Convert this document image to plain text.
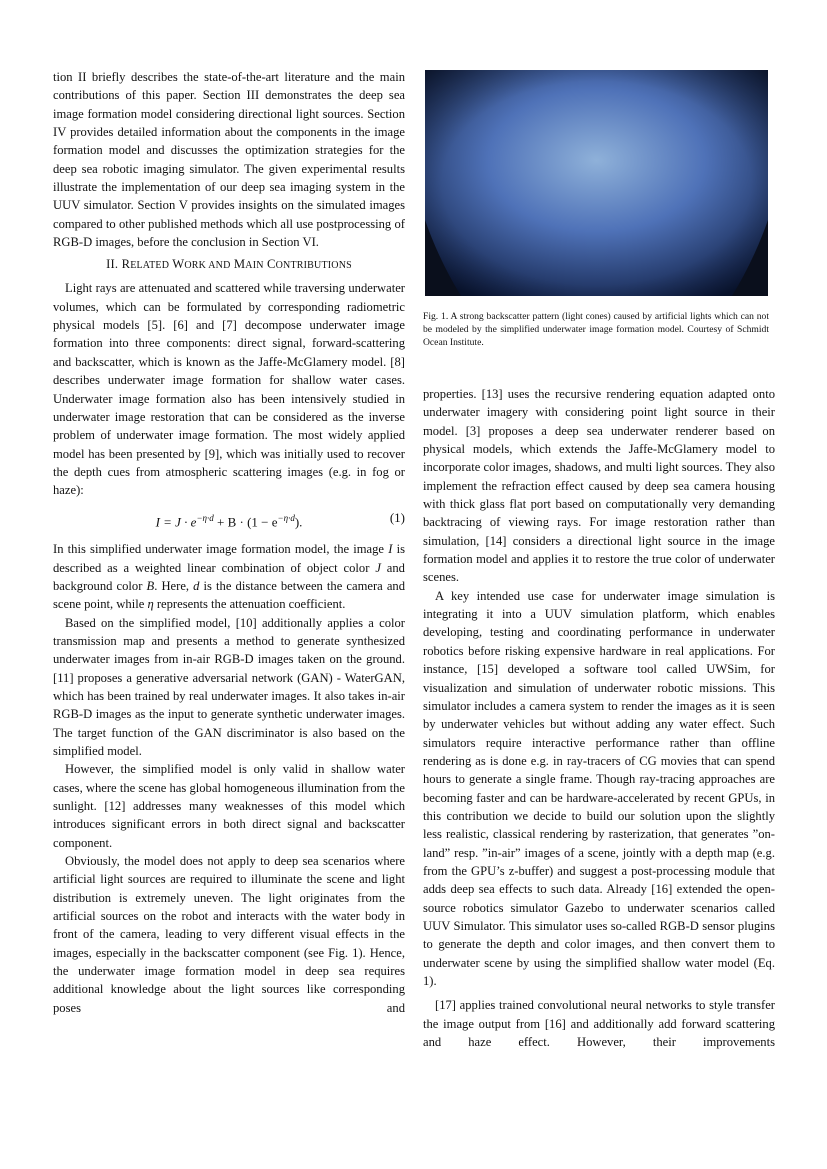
tion II briefly describes the state-of-the-art literature and the main contributions of this paper. Section III demonstrates the deep sea image formation model considering directional light sources. Section IV provides detailed information about the components in the image formation model and discusses the optimization strategies for the deep sea robotic imaging simulator. The given experimental results illustrate the implementation of our deep sea imaging system in the UUV simulator. Section V provides insights on the simulated images compared to other published methods which all use postprocessing of RGB-D images, before the conclusion in Section VI.

II. RELATED WORK AND MAIN CONTRIBUTIONS

Light rays are attenuated and scattered while traversing underwater volumes, which can be formulated by corresponding radiometric physical models [5]. [6] and [7] decompose underwater image formation into three components: direct signal, forward-scattering and backscatter, which is known as the Jaffe-McGlamery model. [8] describes underwater image formation for shallow water cases. Underwater image formation also has been intensively studied in underwater image restoration that can be considered as the inverse problem of underwater image formation. The most widely applied model has been presented by [9], which was initially used to recover the depth cues from atmospheric scattering images (e.g. in fog or haze):

$I = J \cdot e^{-\eta\cdot d} + B \cdot (1 - e^{-\eta\cdot d})$.	(1)

In this simplified underwater image formation model, the image I is described as a weighted linear combination of object color J and background color B. Here, d is the distance between the camera and scene point, while η represents the attenuation coefficient.

Based on the simplified model, [10] additionally applies a color transmission map and presents a method to generate synthesized underwater images from in-air RGB-D images taken on the ground. [11] proposes a generative adversarial network (GAN) - WaterGAN, which has been trained by real underwater images. It also takes in-air RGB-D images as the input to generate synthetic underwater images. The target function of the GAN discriminator is also based on the simplified model.

However, the simplified model is only valid in shallow water cases, where the scene has global homogeneous illumination from the sunlight. [12] addresses many weaknesses of this model which introduces significant errors in both direct signal and backscatter component.

Obviously, the model does not apply to deep sea scenarios where artificial light sources are required to illuminate the scene and light distribution is extremely uneven. The light originates from the artificial sources on the robot and interacts with the water body in front of the camera, leading to very different visual effects in the images, especially in the backscatter component (see Fig. 1). Hence, the underwater image formation model in deep sea requires additional knowledge about the light sources like corresponding poses and

Fig. 1. A strong backscatter pattern (light cones) caused by artificial lights which can not be modeled by the simplified underwater image formation model. Courtesy of Schmidt Ocean Institute.

properties. [13] uses the recursive rendering equation adapted onto underwater imagery with considering point light source in their model. [3] proposes a deep sea underwater renderer based on physical models, which extends the Jaffe-McGlamery model to incorporate color images, shadows, and multi light sources. They also implement the refraction effect caused by deep sea camera housing with thick glass flat port based on computationally very demanding backtracing of viewing rays. For image restoration rather than simulation, [14] considers a directional light source in the image formation model and applies it to restore the true color of underwater scenes.

A key intended use case for underwater image simulation is integrating it into a UUV simulation platform, which enables developing, testing and coordinating performance in underwater robotics before risking expensive hardware in real applications. For instance, [15] developed a software tool called UWSim, for visualization and simulation of underwater robotic missions. This simulator includes a camera system to render the images as it is seen by underwater vehicles but without adding any water effect. Such simulators require interactive performance rather than offline rendering as is done e.g. in ray-tracers of CG movies that can spend hours to generate a single frame. Though ray-tracing approaches are becoming faster and can be hardware-accelerated by recent GPUs, in this contribution we decide to build our solution upon the slightly less realistic, classical rendering by rasterization, that generates ”on-land” resp. ”in-air” images of a scene, jointly with a depth map (e.g. from the GPU’s z-buffer) and suggest a post-processing module that adds deep sea effects to such data. Already [16] extended the open-source robotics simulator Gazebo to underwater scenarios called UUV Simulator. This simulator uses so-called RGB-D sensor plugins to generate the depth and color images, and then convert them to underwater scene by using the simplified shallow water model (Eq. 1).

[17] applies trained convolutional neural networks to style transfer the image output from [16] and additionally add forward scattering and haze effect. However, their improvements
